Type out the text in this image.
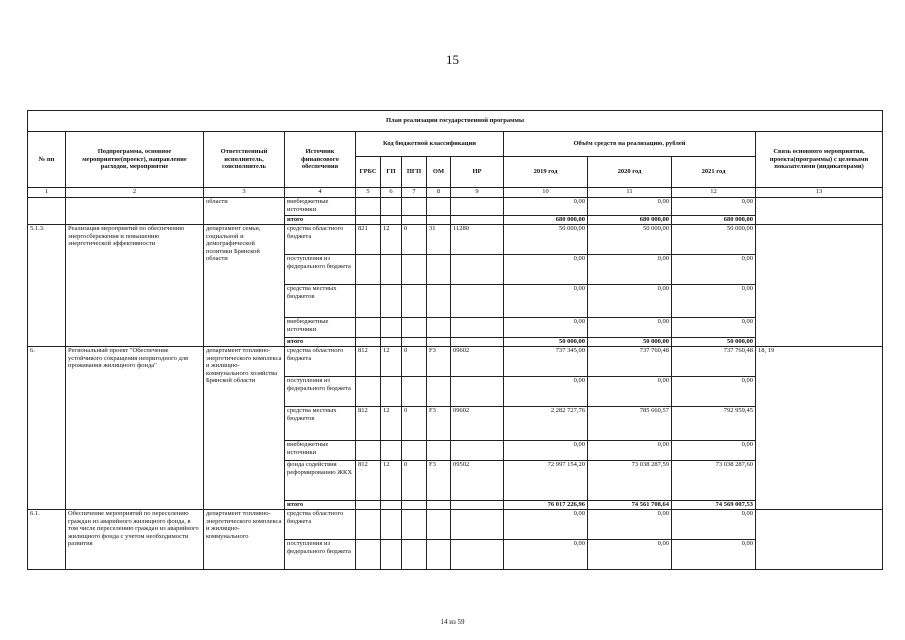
15
План реализации государственной программы												
№ пп	Подпрограмма, основное мероприятие(проект), направление расходов, мероприятие	Ответственный исполнитель, соисполнитель	Источник финансового обеспечения	Код бюджетной классификации					Объём средств на реализацию, рублей			Связь основного мероприятия, проекта(программы) с целевыми показателями (индикаторами)
				ГРБС	ГП	ПГП	ОМ	НР	2019 год	2020 год	2021 год	
1	2	3	4	5	6	7	8	9	10	11	12	13
		области	внебюджетные источники						0,00	0,00	0,00	
			итого						680 000,00	680 000,00	680 000,00	
5.1.3.	Реализация мероприятий по обеспечению энергосбережения и повышению энергетической эффективности	департамент семьи, социальной и демографической политики Брянской области	средства областного бюджета	821	12	0	31	11280	50 000,00	50 000,00	50 000,00	
			поступления из федерального бюджета						0,00	0,00	0,00	
			средства местных бюджетов						0,00	0,00	0,00	
			внебюджетные источники						0,00	0,00	0,00	
			итого						50 000,00	50 000,00	50 000,00	
6.	Региональный проект "Обеспечение устойчивого сокращения непригодного для проживания жилищного фонда"	департамент топливно-энергетического комплекса и жилищно-коммунального хозяйства Брянской области	средства областного бюджета	812	12	0	F3	09602	737 345,00	737 760,48	737 760,48	18, 19
			поступления из федерального бюджета						0,00	0,00	0,00	
			средства местных бюджетов	812	12	0	F3	09602	2 282 727,76	785 660,57	792 959,45	
			внебюджетные источники						0,00	0,00	0,00	
			фонда содействия реформированию ЖКХ	812	12	0	F3	09502	72 997 154,20	73 038 287,59	73 038 287,60	
			итого						76 017 226,96	74 561 708,64	74 569 007,53	
6.1.	Обеспечение мероприятий по переселению граждан из аварийного жилищного фонда, в том числе переселению граждан из аварийного жилищного фонда с учетом необходимости развития	департамент топливно-энергетического комплекса и жилищно-коммунального	средства областного бюджета						0,00	0,00	0,00	
			поступления из федерального бюджета						0,00	0,00	0,00	
14 из 59
